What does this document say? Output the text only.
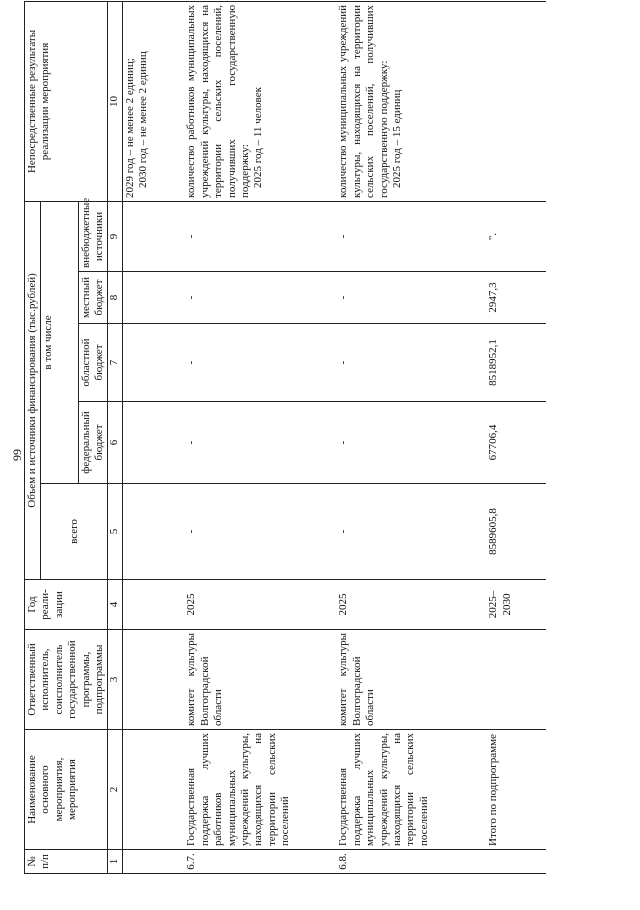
99
№ п/п	Наименование основного мероприятия, мероприятия	Ответственный исполнитель, соисполнитель государственной программы, подпрограммы	Год реали-зации	Объем и источники финансирования (тыс.рублей)					Непосредственные результаты реализации мероприятия
				всего	в том числе				
					федеральный бюджет	областной бюджет	местный бюджет	внебюджетные источники	
1	2	3	4	5	6	7	8	9	10

									2029 год – не менее 2 единиц; 2030 год – не менее 2 единиц

6.7.	Государственная поддержка лучших работников муниципальных учреждений культуры, находящихся на территории сельских поселений	комитет культуры Волгоградской области	2025	-	-	-	-	-	количество работников муниципальных учреждений культуры, находящихся на территории сельских поселений, получивших государственную поддержку: 2025 год – 11 человек

6.8.	Государственная поддержка лучших муниципальных учреждений культуры, находящихся на территории сельских поселений	комитет культуры Волгоградской области	2025	-	-	-	-	-	количество муниципальных учреждений культуры, находящихся на территории сельских поселений, получивших государственную поддержку: 2025 год – 15 единиц

	Итого по подпрограмме		2025–2030	8589605,8	67706,4	8518952,1	2947,3	".	
